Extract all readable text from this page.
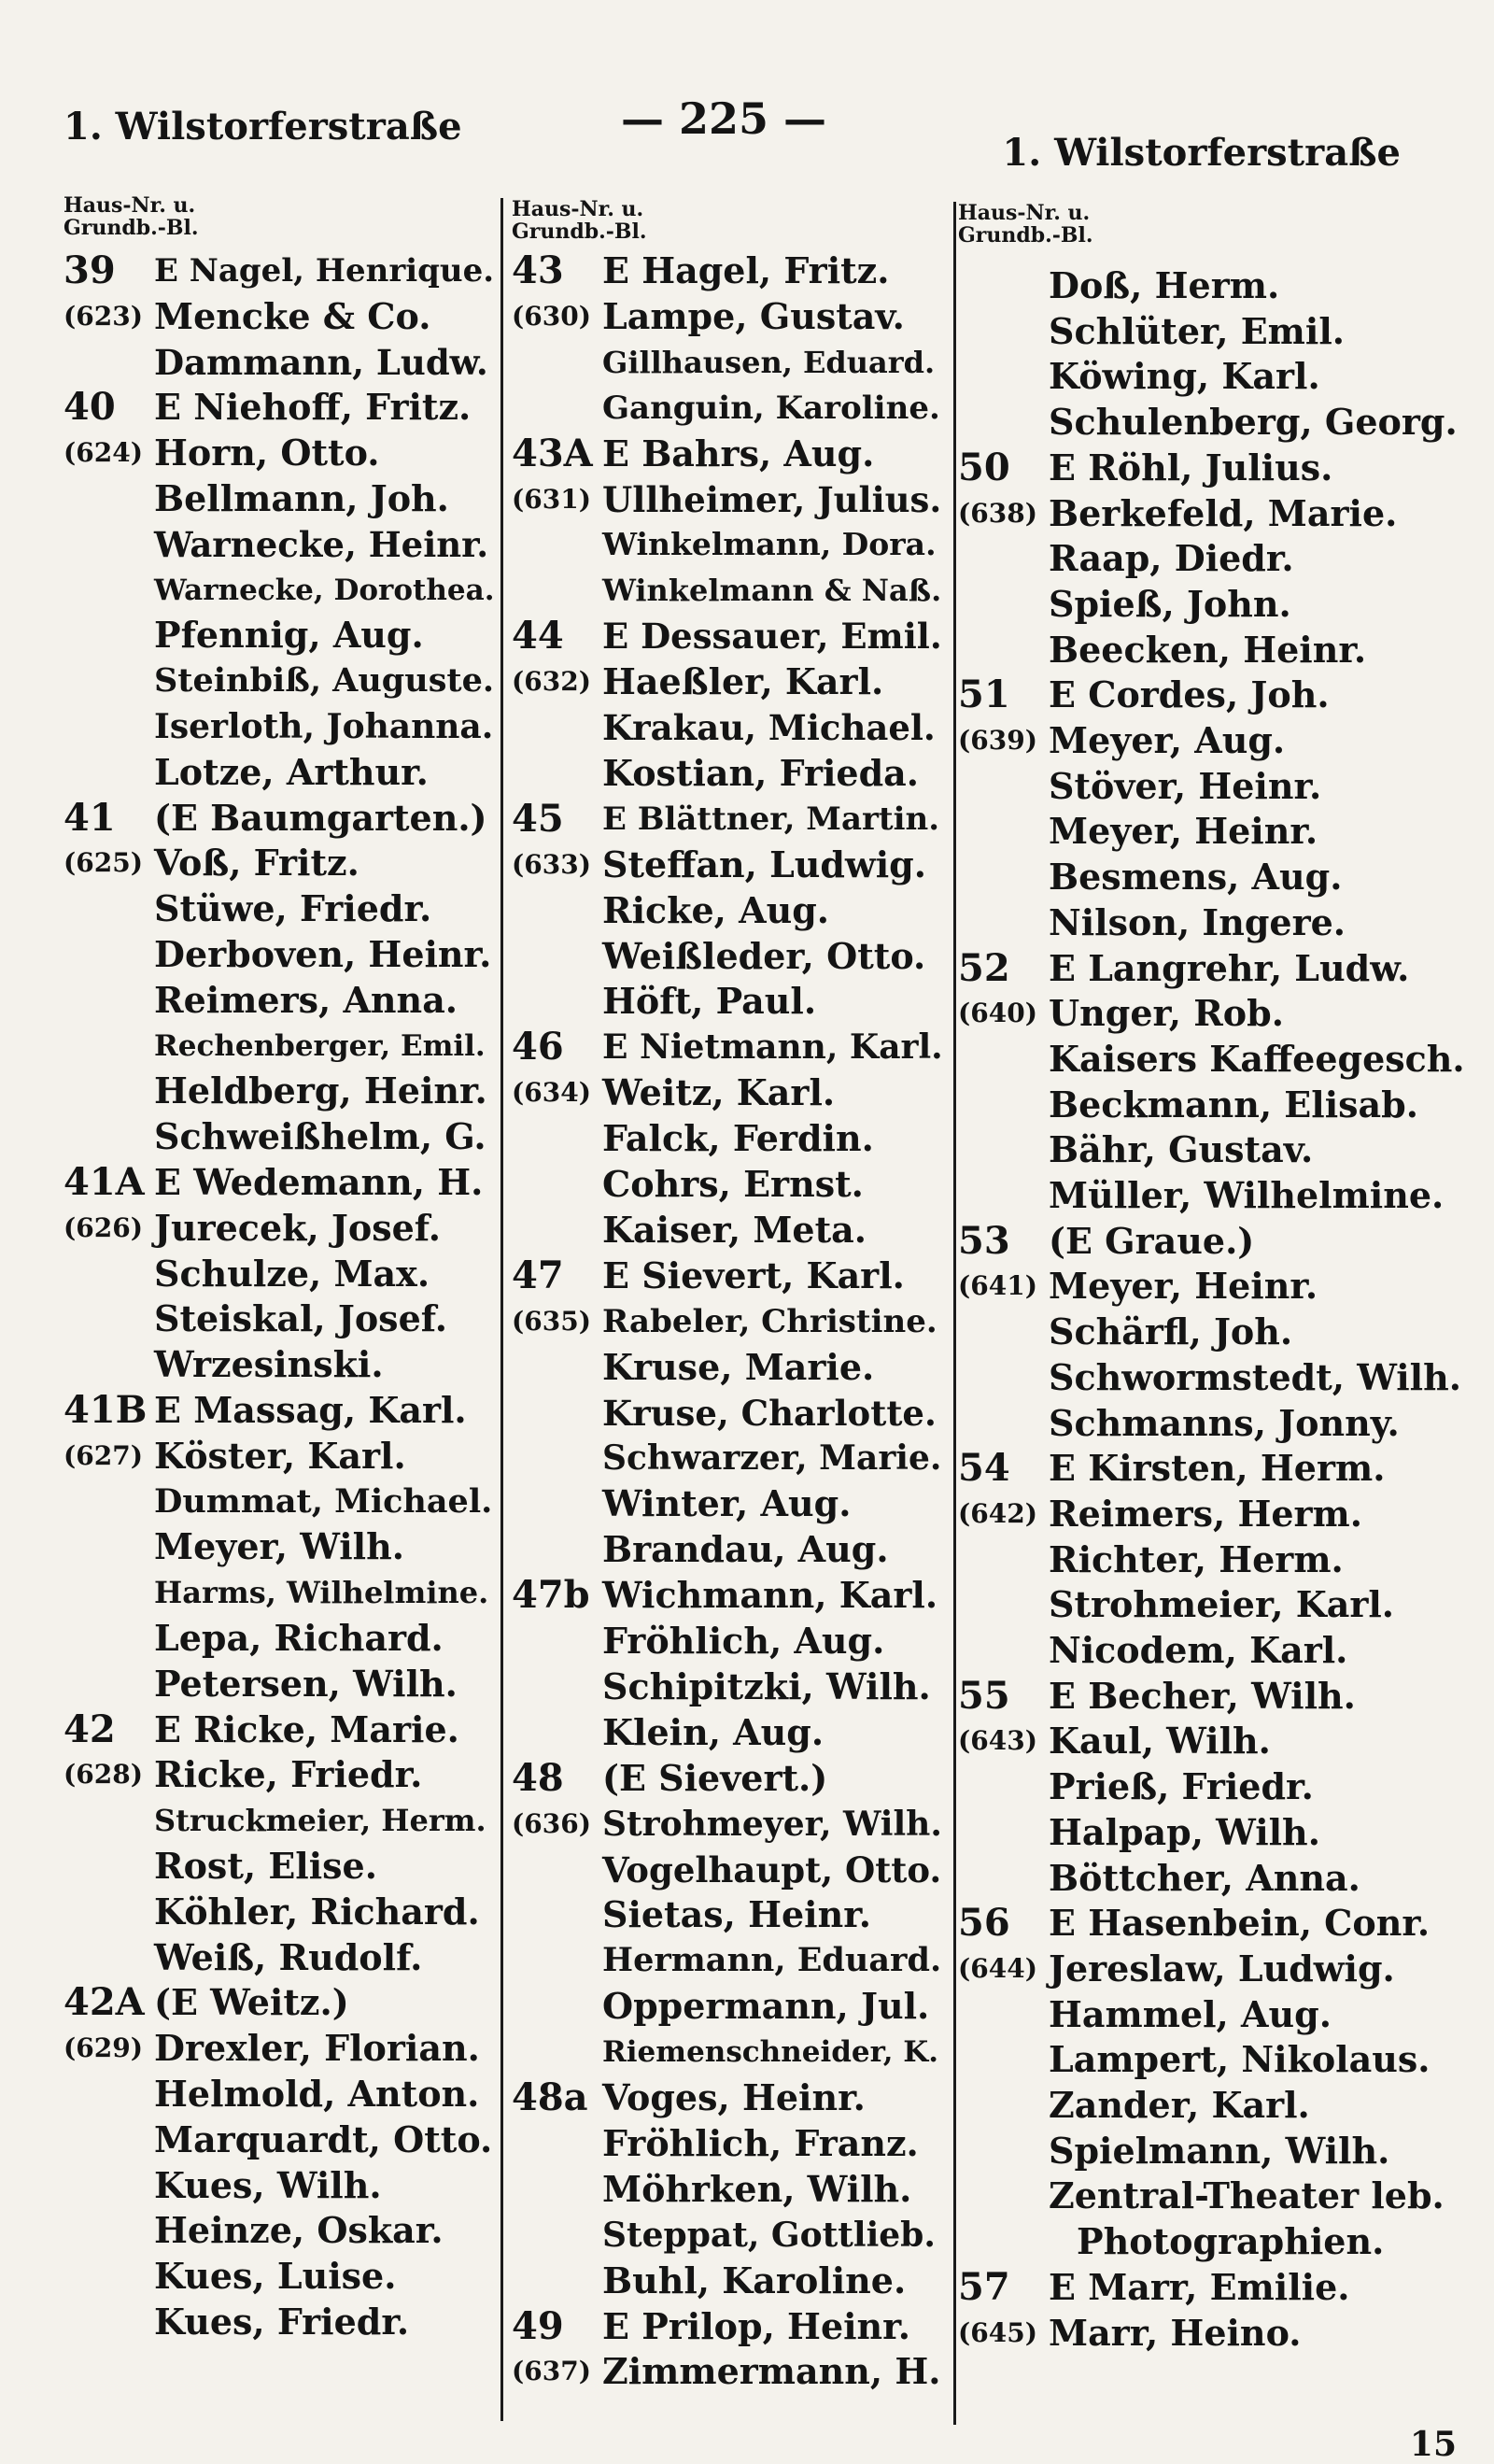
1. Wilstorferstraße	— 225 —
1. Wilstorferstraße
Haus-Nr. u.
Grundb.-Bl.
39 E Nagel, Henrique.
(623) Mencke & Co.
Dammann, Ludw.
40 E Niehoff, Fritz.
(624) Horn, Otto.
Bellmann, Joh.
Warnecke, Heinr.
Warnecke, Dorothea.
Pfennig, Aug.
Steinbiß, Auguste.
Iserloth, Johanna.
Lotze, Arthur.
41 (E Baumgarten.)
(625) Voß, Fritz.
Stüwe, Friedr.
Derboven, Heinr.
Reimers, Anna.
Rechenberger, Emil.
Heldberg, Heinr.
Schweißhelm, G.
41A E Wedemann, H.
(626) Jurecek, Josef.
Schulze, Max.
Steiskal, Josef.
Wrzesinski.
41B E Massag, Karl.
(627) Köster, Karl.
Dummat, Michael.
Meyer, Wilh.
Harms, Wilhelmine.
Lepa, Richard.
Petersen, Wilh.
42 E Ricke, Marie.
(628) Ricke, Friedr.
Struckmeier, Herm.
Rost, Elise.
Köhler, Richard.
Weiß, Rudolf.
42A (E Weitz.)
(629) Drexler, Florian.
Helmold, Anton.
Marquardt, Otto.
Kues, Wilh.
Heinze, Oskar.
Kues, Luise.
Kues, Friedr.
Haus-Nr. u.
Grundb.-Bl.
43 E Hagel, Fritz.
(630) Lampe, Gustav.
Gillhausen, Eduard.
Ganguin, Karoline.
43A E Bahrs, Aug.
(631) Ullheimer, Julius.
Winkelmann, Dora.
Winkelmann & Naß.
44 E Dessauer, Emil.
(632) Haeßler, Karl.
Krakau, Michael.
Kostian, Frieda.
45 E Blättner, Martin.
(633) Steffan, Ludwig.
Ricke, Aug.
Weißleder, Otto.
Höft, Paul.
46 E Nietmann, Karl.
(634) Weitz, Karl.
Falck, Ferdin.
Cohrs, Ernst.
Kaiser, Meta.
47 E Sievert, Karl.
(635) Rabeler, Christine.
Kruse, Marie.
Kruse, Charlotte.
Schwarzer, Marie.
Winter, Aug.
Brandau, Aug.
47b Wichmann, Karl.
Fröhlich, Aug.
Schipitzki, Wilh.
Klein, Aug.
48 (E Sievert.)
(636) Strohmeyer, Wilh.
Vogelhaupt, Otto.
Sietas, Heinr.
Hermann, Eduard.
Oppermann, Jul.
Riemenschneider, K.
48a Voges, Heinr.
Fröhlich, Franz.
Möhrken, Wilh.
Steppat, Gottlieb.
Buhl, Karoline.
49 E Prilop, Heinr.
(637) Zimmermann, H.
Haus-Nr. u.
Grundb.-Bl.
Doß, Herm.
Schlüter, Emil.
Köwing, Karl.
Schulenberg, Georg.
50 E Röhl, Julius.
(638) Berkefeld, Marie.
Raap, Diedr.
Spieß, John.
Beecken, Heinr.
51 E Cordes, Joh.
(639) Meyer, Aug.
Stöver, Heinr.
Meyer, Heinr.
Besmens, Aug.
Nilson, Ingere.
52 E Langrehr, Ludw.
(640) Unger, Rob.
Kaisers Kaffeegesch.
Beckmann, Elisab.
Bähr, Gustav.
Müller, Wilhelmine.
53 (E Graue.)
(641) Meyer, Heinr.
Schärfl, Joh.
Schwormstedt, Wilh.
Schmanns, Jonny.
54 E Kirsten, Herm.
(642) Reimers, Herm.
Richter, Herm.
Strohmeier, Karl.
Nicodem, Karl.
55 E Becher, Wilh.
(643) Kaul, Wilh.
Prieß, Friedr.
Halpap, Wilh.
Böttcher, Anna.
56 E Hasenbein, Conr.
(644) Jereslaw, Ludwig.
Hammel, Aug.
Lampert, Nikolaus.
Zander, Karl.
Spielmann, Wilh.
Zentral-Theater leb.
Photographien.
57 E Marr, Emilie.
(645) Marr, Heino.
15
